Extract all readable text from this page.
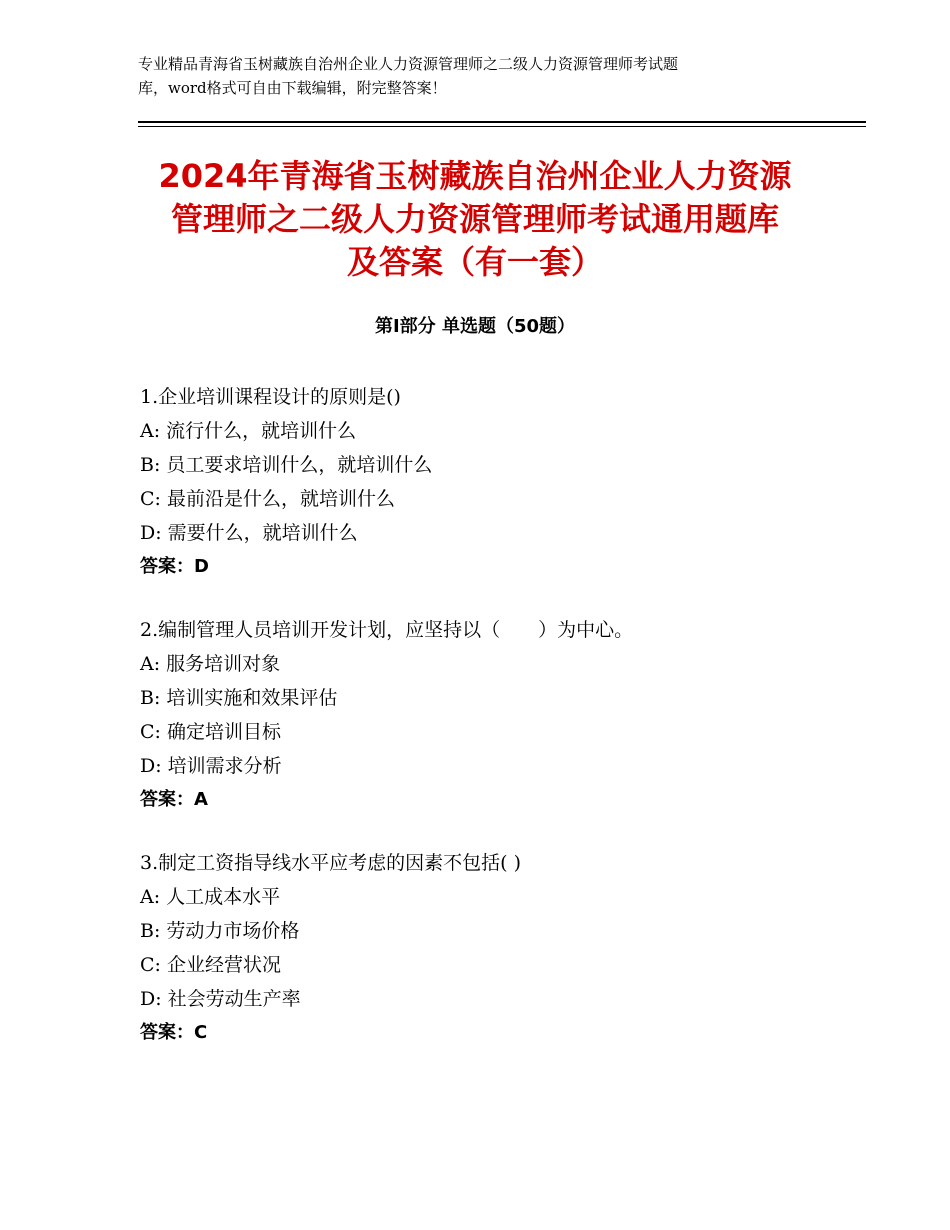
专业精品青海省玉树藏族自治州企业人力资源管理师之二级人力资源管理师考试题
库，word格式可自由下载编辑，附完整答案！
2024年青海省玉树藏族自治州企业人力资源
管理师之二级人力资源管理师考试通用题库
及答案（有一套）
第Ⅰ部分 单选题（50题）
1.企业培训课程设计的原则是()
A: 流行什么，就培训什么
B: 员工要求培训什么，就培训什么
C: 最前沿是什么，就培训什么
D: 需要什么，就培训什么
答案：D
2.编制管理人员培训开发计划，应坚持以（　　）为中心。
A: 服务培训对象
B: 培训实施和效果评估
C: 确定培训目标
D: 培训需求分析
答案：A
3.制定工资指导线水平应考虑的因素不包括( )
A: 人工成本水平
B: 劳动力市场价格
C: 企业经营状况
D: 社会劳动生产率
答案：C
